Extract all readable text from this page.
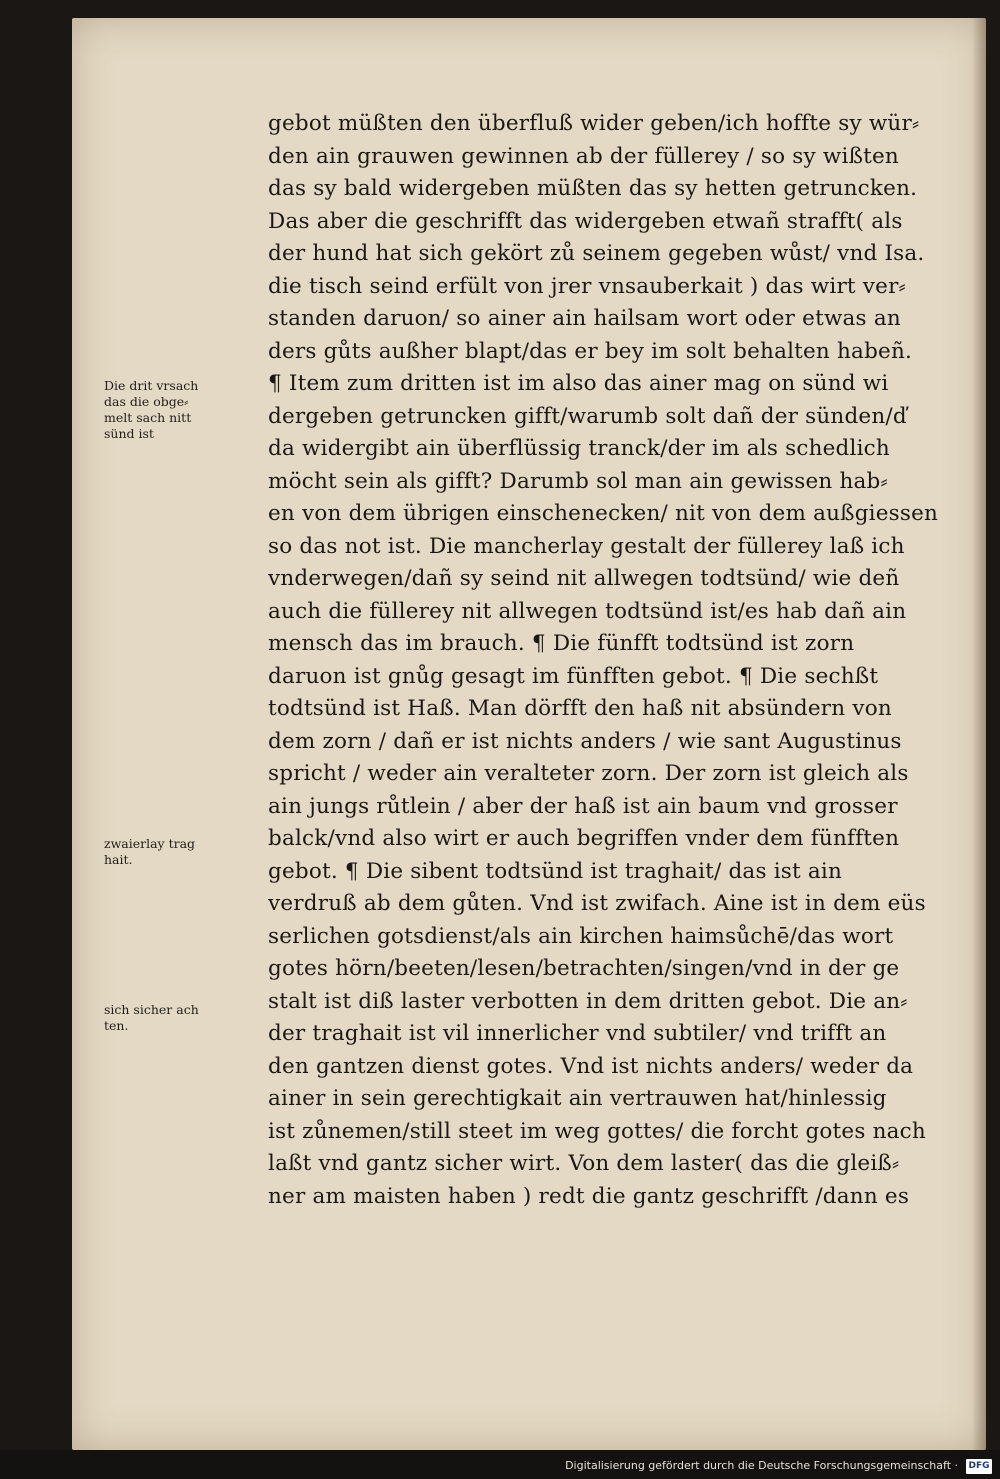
gebot müßten den überfluß wider geben/ich hoffte sy wür⸗
den ain grauwen gewinnen ab der füllerey / so sy wißten
das sy bald widergeben müßten das sy hetten getruncken.
Das aber die geschrifft das widergeben etwañ strafft( als
der hund hat sich gekört zů seinem gegeben wůst/ vnd Isa.
die tisch seind erfült von jrer vnsauberkait ) das wirt ver⸗
standen daruon/ so ainer ain hailsam wort oder etwas an
ders gůts außher blapt/das er bey im solt behalten habeñ.
¶ Item zum dritten ist im also das ainer mag on sünd wi
dergeben getruncken gifft/warumb solt dañ der sünden/ď
da widergibt ain überflüssig tranck/der im als schedlich
möcht sein als gifft? Darumb sol man ain gewissen hab⸗
en von dem übrigen einschenecken/ nit von dem außgiessen
so das not ist. Die mancherlay gestalt der füllerey laß ich
vnderwegen/dañ sy seind nit allwegen todtsünd/ wie deñ
auch die füllerey nit allwegen todtsünd ist/es hab dañ ain
mensch das im brauch. ¶ Die fünfft todtsünd ist zorn
daruon ist gnůg gesagt im fünfften gebot. ¶ Die sechßt
todtsünd ist Haß. Man dörfft den haß nit absündern von
dem zorn / dañ er ist nichts anders / wie sant Augustinus
spricht / weder ain veralteter zorn. Der zorn ist gleich als
ain jungs růtlein / aber der haß ist ain baum vnd grosser
balck/vnd also wirt er auch begriffen vnder dem fünfften
gebot. ¶ Die sibent todtsünd ist traghait/ das ist ain
verdruß ab dem gůten. Vnd ist zwifach. Aine ist in dem eüs
serlichen gotsdienst/als ain kirchen haimsůchē/das wort
gotes hörn/beeten/lesen/betrachten/singen/vnd in der ge
stalt ist diß laster verbotten in dem dritten gebot. Die an⸗
der traghait ist vil innerlicher vnd subtiler/ vnd trifft an
den gantzen dienst gotes. Vnd ist nichts anders/ weder da
ainer in sein gerechtigkait ain vertrauwen hat/hinlessig
ist zůnemen/still steet im weg gottes/ die forcht gotes nach
laßt vnd gantz sicher wirt. Von dem laster( das die gleiß⸗
ner am maisten haben ) redt die gantz geschrifft /dann es
Die drit vrsach
das die obge⸗
melt sach nitt
sünd ist
zwaierlay trag
hait.
sich sicher ach
ten.
Digitalisierung gefördert durch die Deutsche Forschungsgemeinschaft · DFG
